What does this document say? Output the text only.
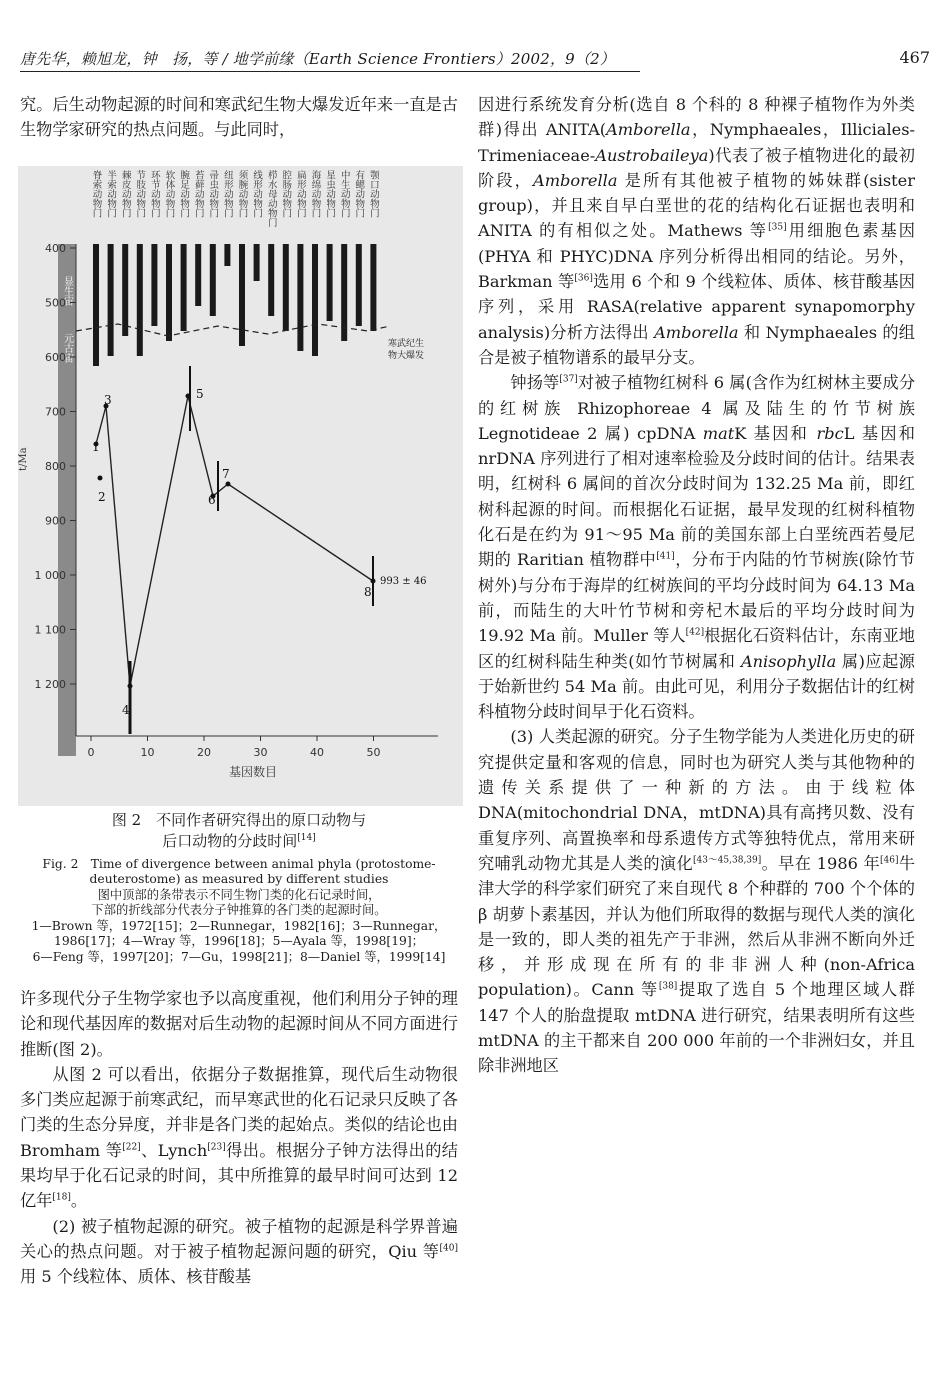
唐先华，赖旭龙，钟　扬，等 / 地学前缘（Earth Science Frontiers）2002，9（2）	467

究。后生动物起源的时间和寒武纪生物大爆发近年来一直是古生物学家研究的热点问题。与此同时，

脊索动物门 半索动物门 棘皮动物门 节肢动物门 环节动物门 软体动物门 腕足动物门 苔藓动物门 帚虫动物门 纽形动物门 须腕动物门 线形动物门 栉水母动物门 腔肠动物门 扁形动物门 海绵动物门 星虫动物门 中生动物门 有鳃动物门 颚口动物门
显生宙
元古宙
400
500
600
700
800
900
1 000
1 100
1 200
0	10	20	30	40	50
t/Ma
基因数目
寒武纪生
物大爆发
1
2
3
4
5
6
7
8
993 ± 46
图 2　不同作者研究得出的原口动物与
后口动物的分歧时间[14]
Fig. 2　Time of divergence between animal phyla (protostome-
deuterostome) as measured by different studies
图中顶部的条带表示不同生物门类的化石记录时间，
下部的折线部分代表分子钟推算的各门类的起源时间。
1—Brown 等，1972[15]；2—Runnegar，1982[16]；3—Runnegar，
1986[17]；4—Wray 等，1996[18]；5—Ayala 等，1998[19]；
6—Feng 等，1997[20]；7—Gu，1998[21]；8—Daniel 等，1999[14]

许多现代分子生物学家也予以高度重视，他们利用分子钟的理论和现代基因库的数据对后生动物的起源时间从不同方面进行推断(图 2)。

从图 2 可以看出，依据分子数据推算，现代后生动物很多门类应起源于前寒武纪，而早寒武世的化石记录只反映了各门类的生态分异度，并非是各门类的起始点。类似的结论也由 Bromham 等[22]、Lynch[23]得出。根据分子钟方法得出的结果均早于化石记录的时间，其中所推算的最早时间可达到 12 亿年[18]。

(2) 被子植物起源的研究。被子植物的起源是科学界普遍关心的热点问题。对于被子植物起源问题的研究，Qiu 等[40]用 5 个线粒体、质体、核苷酸基

因进行系统发育分析(选自 8 个科的 8 种裸子植物作为外类群)得出 ANITA(Amborella，Nymphaeales，Illiciales-Trimeniaceae-Austrobaileya)代表了被子植物进化的最初阶段，Amborella 是所有其他被子植物的姊妹群(sister group)，并且来自早白垩世的花的结构化石证据也表明和 ANITA 的有相似之处。Mathews 等[35]用细胞色素基因(PHYA 和 PHYC)DNA 序列分析得出相同的结论。另外，Barkman 等[36]选用 6 个和 9 个线粒体、质体、核苷酸基因序列，采用 RASA(relative apparent synapomorphy analysis)分析方法得出 Amborella 和 Nymphaeales 的组合是被子植物谱系的最早分支。

钟扬等[37]对被子植物红树科 6 属(含作为红树林主要成分的红树族 Rhizophoreae 4 属及陆生的竹节树族 Legnotideae 2 属) cpDNA matK 基因和 rbcL 基因和 nrDNA 序列进行了相对速率检验及分歧时间的估计。结果表明，红树科 6 属间的首次分歧时间为 132.25 Ma 前，即红树科起源的时间。而根据化石证据，最早发现的红树科植物化石是在约为 91～95 Ma 前的美国东部上白垩统西若曼尼期的 Raritian 植物群中[41]，分布于内陆的竹节树族(除竹节树外)与分布于海岸的红树族间的平均分歧时间为 64.13 Ma 前，而陆生的大叶竹节树和旁杞木最后的平均分歧时间为 19.92 Ma 前。Muller 等人[42]根据化石资料估计，东南亚地区的红树科陆生种类(如竹节树属和 Anisophylla 属)应起源于始新世约 54 Ma 前。由此可见，利用分子数据估计的红树科植物分歧时间早于化石资料。

(3) 人类起源的研究。分子生物学能为人类进化历史的研究提供定量和客观的信息，同时也为研究人类与其他物种的遗传关系提供了一种新的方法。由于线粒体 DNA(mitochondrial DNA，mtDNA)具有高拷贝数、没有重复序列、高置换率和母系遗传方式等独特优点，常用来研究哺乳动物尤其是人类的演化[43～45,38,39]。早在 1986 年[46]牛津大学的科学家们研究了来自现代 8 个种群的 700 个个体的 β 胡萝卜素基因，并认为他们所取得的数据与现代人类的演化是一致的，即人类的祖先产于非洲，然后从非洲不断向外迁移，并形成现在所有的非非洲人种(non-Africa population)。Cann 等[38]提取了选自 5 个地理区域人群 147 个人的胎盘提取 mtDNA 进行研究，结果表明所有这些 mtDNA 的主干都来自 200 000 年前的一个非洲妇女，并且除非洲地区
